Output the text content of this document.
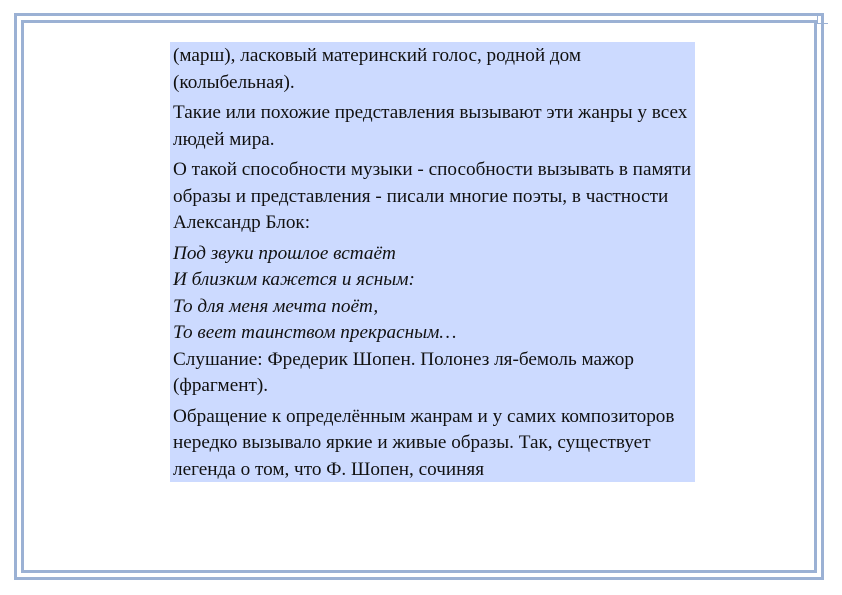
(марш), ласковый материнский голос, родной дом (колыбельная).

Такие или похожие представления вызывают эти жанры у всех людей мира.

О такой способности музыки - способности вызывать в памяти образы и представления - писали многие поэты, в частности Александр Блок:

Под звуки прошлое встаёт
И близким кажется и ясным:
То для меня мечта поёт,
То веет таинством прекрасным…

Слушание: Фредерик Шопен. Полонез ля-бемоль мажор (фрагмент).

Обращение к определённым жанрам и у самих композиторов нередко вызывало яркие и живые образы. Так, существует легенда о том, что Ф. Шопен, сочиняя
